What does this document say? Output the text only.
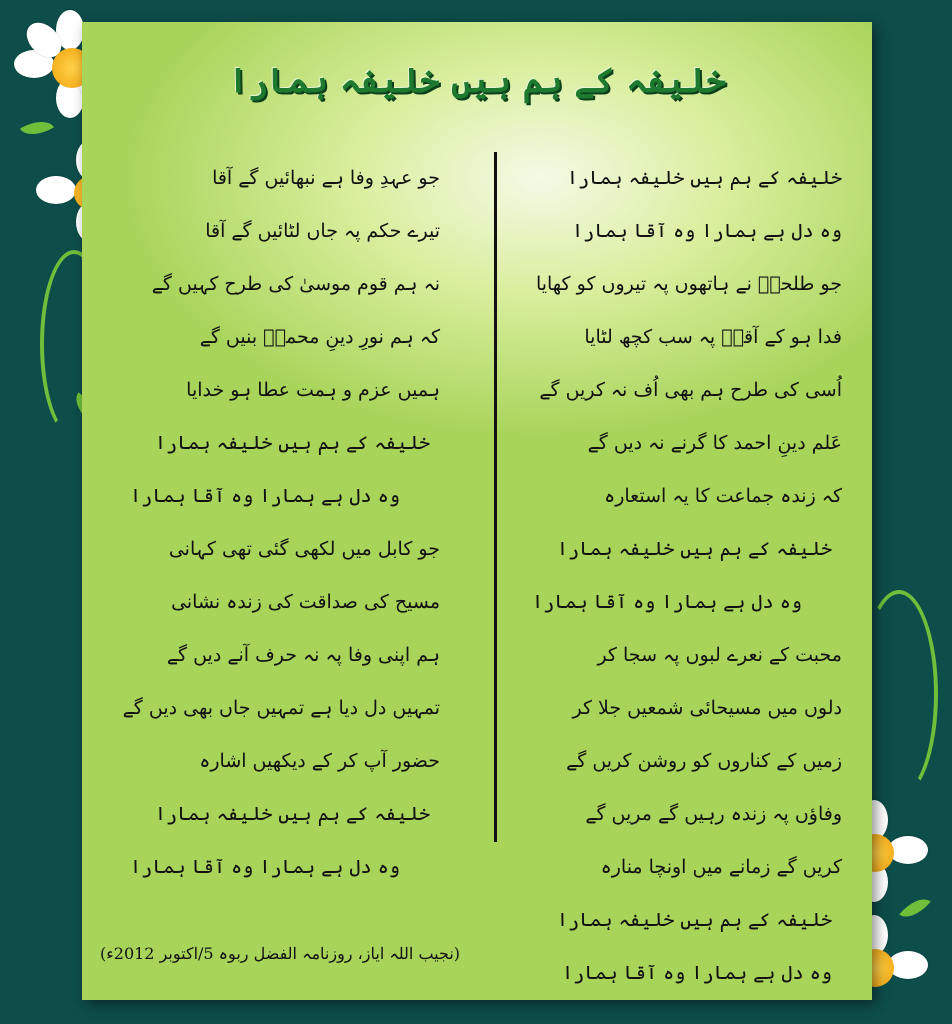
خلیفہ کے ہم ہیں خلیفہ ہمارا
خلیفہ کے ہم ہیں خلیفہ ہمارا
وہ دل ہے ہمارا وہ آقا ہمارا
جو طلحہؓ نے ہاتھوں پہ تیروں کو کھایا
فدا ہو کے آقاؐ پہ سب کچھ لٹایا
اُسی کی طرح ہم بھی اُف نہ کریں گے
عَلم دینِ احمد کا گرنے نہ دیں گے
کہ زندہ جماعت کا یہ استعارہ
خلیفہ کے ہم ہیں خلیفہ ہمارا
وہ دل ہے ہمارا وہ آقا ہمارا
محبت کے نعرے لبوں پہ سجا کر
دلوں میں مسیحائی شمعیں جلا کر
زمیں کے کناروں کو روشن کریں گے
وفاؤں پہ زندہ رہیں گے مریں گے
کریں گے زمانے میں اونچا منارہ
خلیفہ کے ہم ہیں خلیفہ ہمارا
وہ دل ہے ہمارا وہ آقا ہمارا
جو عہدِ وفا ہے نبھائیں گے آقا
تیرے حکم پہ جاں لٹائیں گے آقا
نہ ہم قوم موسیٰ کی طرح کہیں گے
کہ ہم نورِ دینِ محمدؐ بنیں گے
ہمیں عزم و ہمت عطا ہو خدایا
خلیفہ کے ہم ہیں خلیفہ ہمارا
وہ دل ہے ہمارا وہ آقا ہمارا
جو کابل میں لکھی گئی تھی کہانی
مسیح کی صداقت کی زندہ نشانی
ہم اپنی وفا پہ نہ حرف آنے دیں گے
تمہیں دل دیا ہے تمہیں جاں بھی دیں گے
حضور آپ کر کے دیکھیں اشارہ
خلیفہ کے ہم ہیں خلیفہ ہمارا
وہ دل ہے ہمارا وہ آقا ہمارا
(نجیب اللہ ایاز، روزنامہ الفضل ربوہ 5/اکتوبر 2012ء)
